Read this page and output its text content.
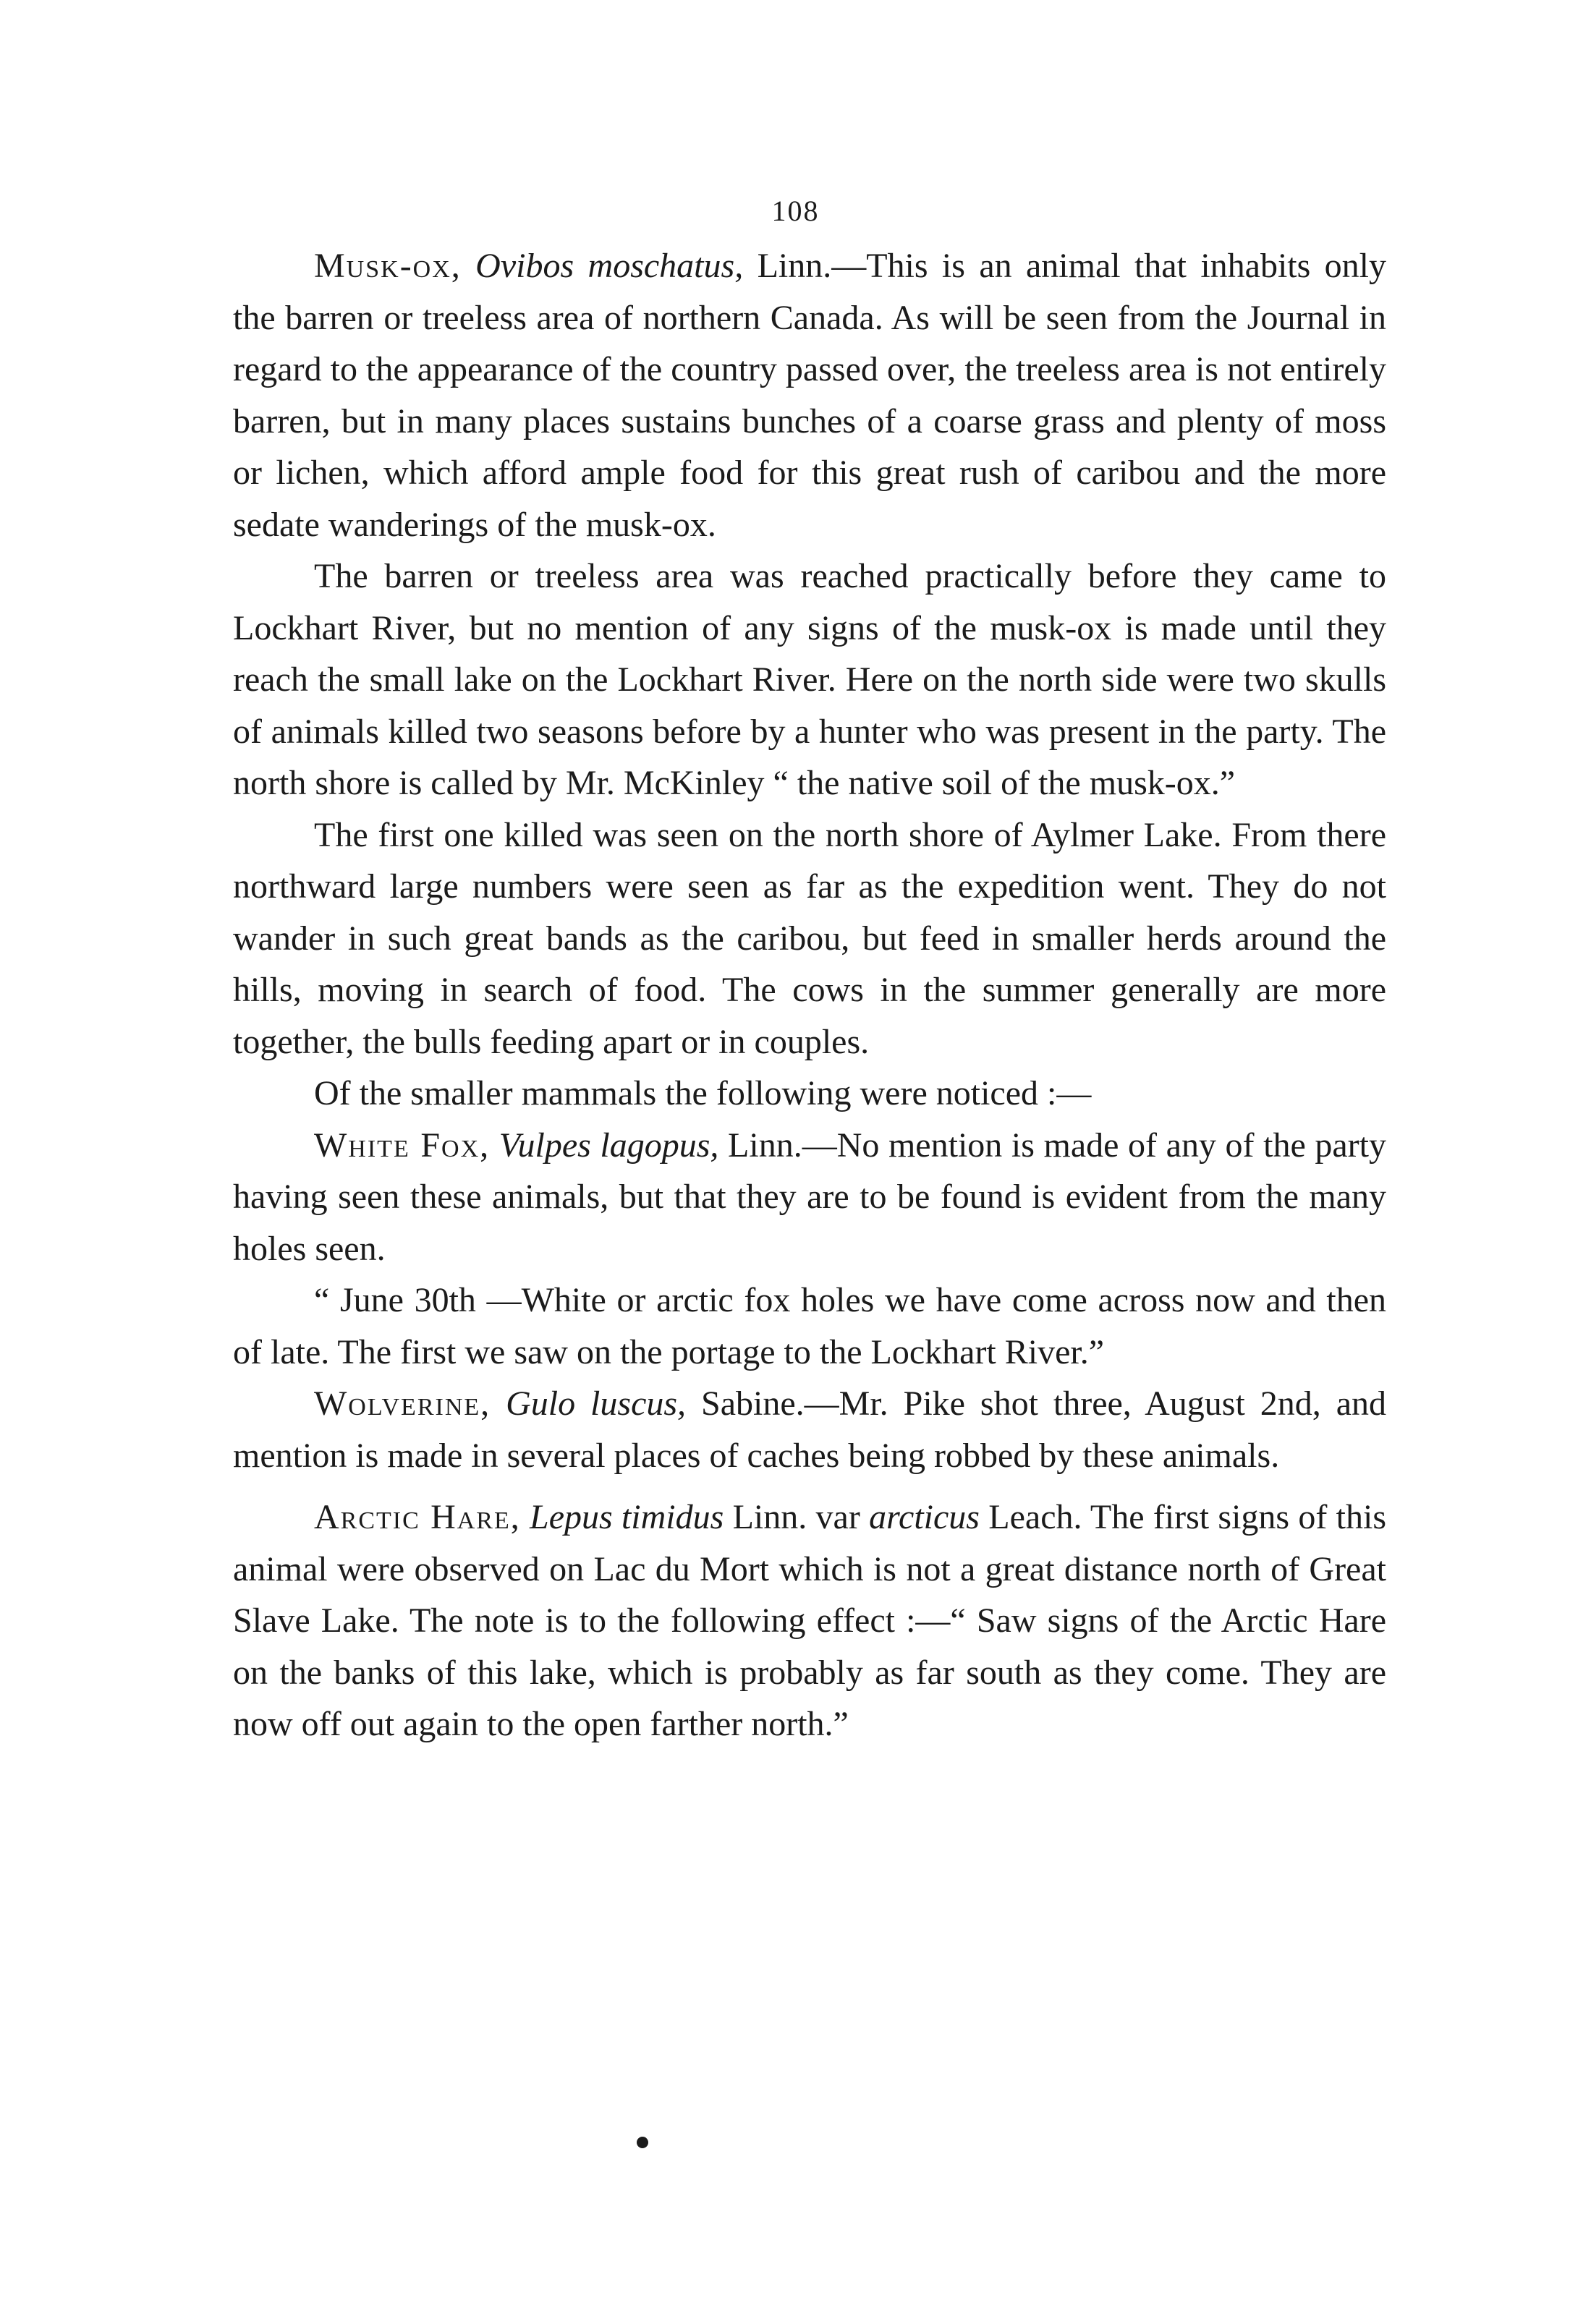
108

Musk-ox, Ovibos moschatus, Linn.—This is an animal that inhabits only the barren or treeless area of northern Canada. As will be seen from the Journal in regard to the appearance of the country passed over, the treeless area is not entirely barren, but in many places sustains bunches of a coarse grass and plenty of moss or lichen, which afford ample food for this great rush of caribou and the more sedate wanderings of the musk-ox.

The barren or treeless area was reached practically before they came to Lockhart River, but no mention of any signs of the musk-ox is made until they reach the small lake on the Lockhart River. Here on the north side were two skulls of animals killed two seasons before by a hunter who was present in the party. The north shore is called by Mr. McKinley “ the native soil of the musk-ox.”

The first one killed was seen on the north shore of Aylmer Lake. From there northward large numbers were seen as far as the expedition went. They do not wander in such great bands as the caribou, but feed in smaller herds around the hills, moving in search of food. The cows in the summer generally are more together, the bulls feeding apart or in couples.

Of the smaller mammals the following were noticed :—

White Fox, Vulpes lagopus, Linn.—No mention is made of any of the party having seen these animals, but that they are to be found is evident from the many holes seen.

“ June 30th —White or arctic fox holes we have come across now and then of late. The first we saw on the portage to the Lockhart River.”

Wolverine, Gulo luscus, Sabine.—Mr. Pike shot three, August 2nd, and mention is made in several places of caches being robbed by these animals.

Arctic Hare, Lepus timidus Linn. var arcticus Leach. The first signs of this animal were observed on Lac du Mort which is not a great distance north of Great Slave Lake. The note is to the following effect :—“ Saw signs of the Arctic Hare on the banks of this lake, which is probably as far south as they come. They are now off out again to the open farther north.”
